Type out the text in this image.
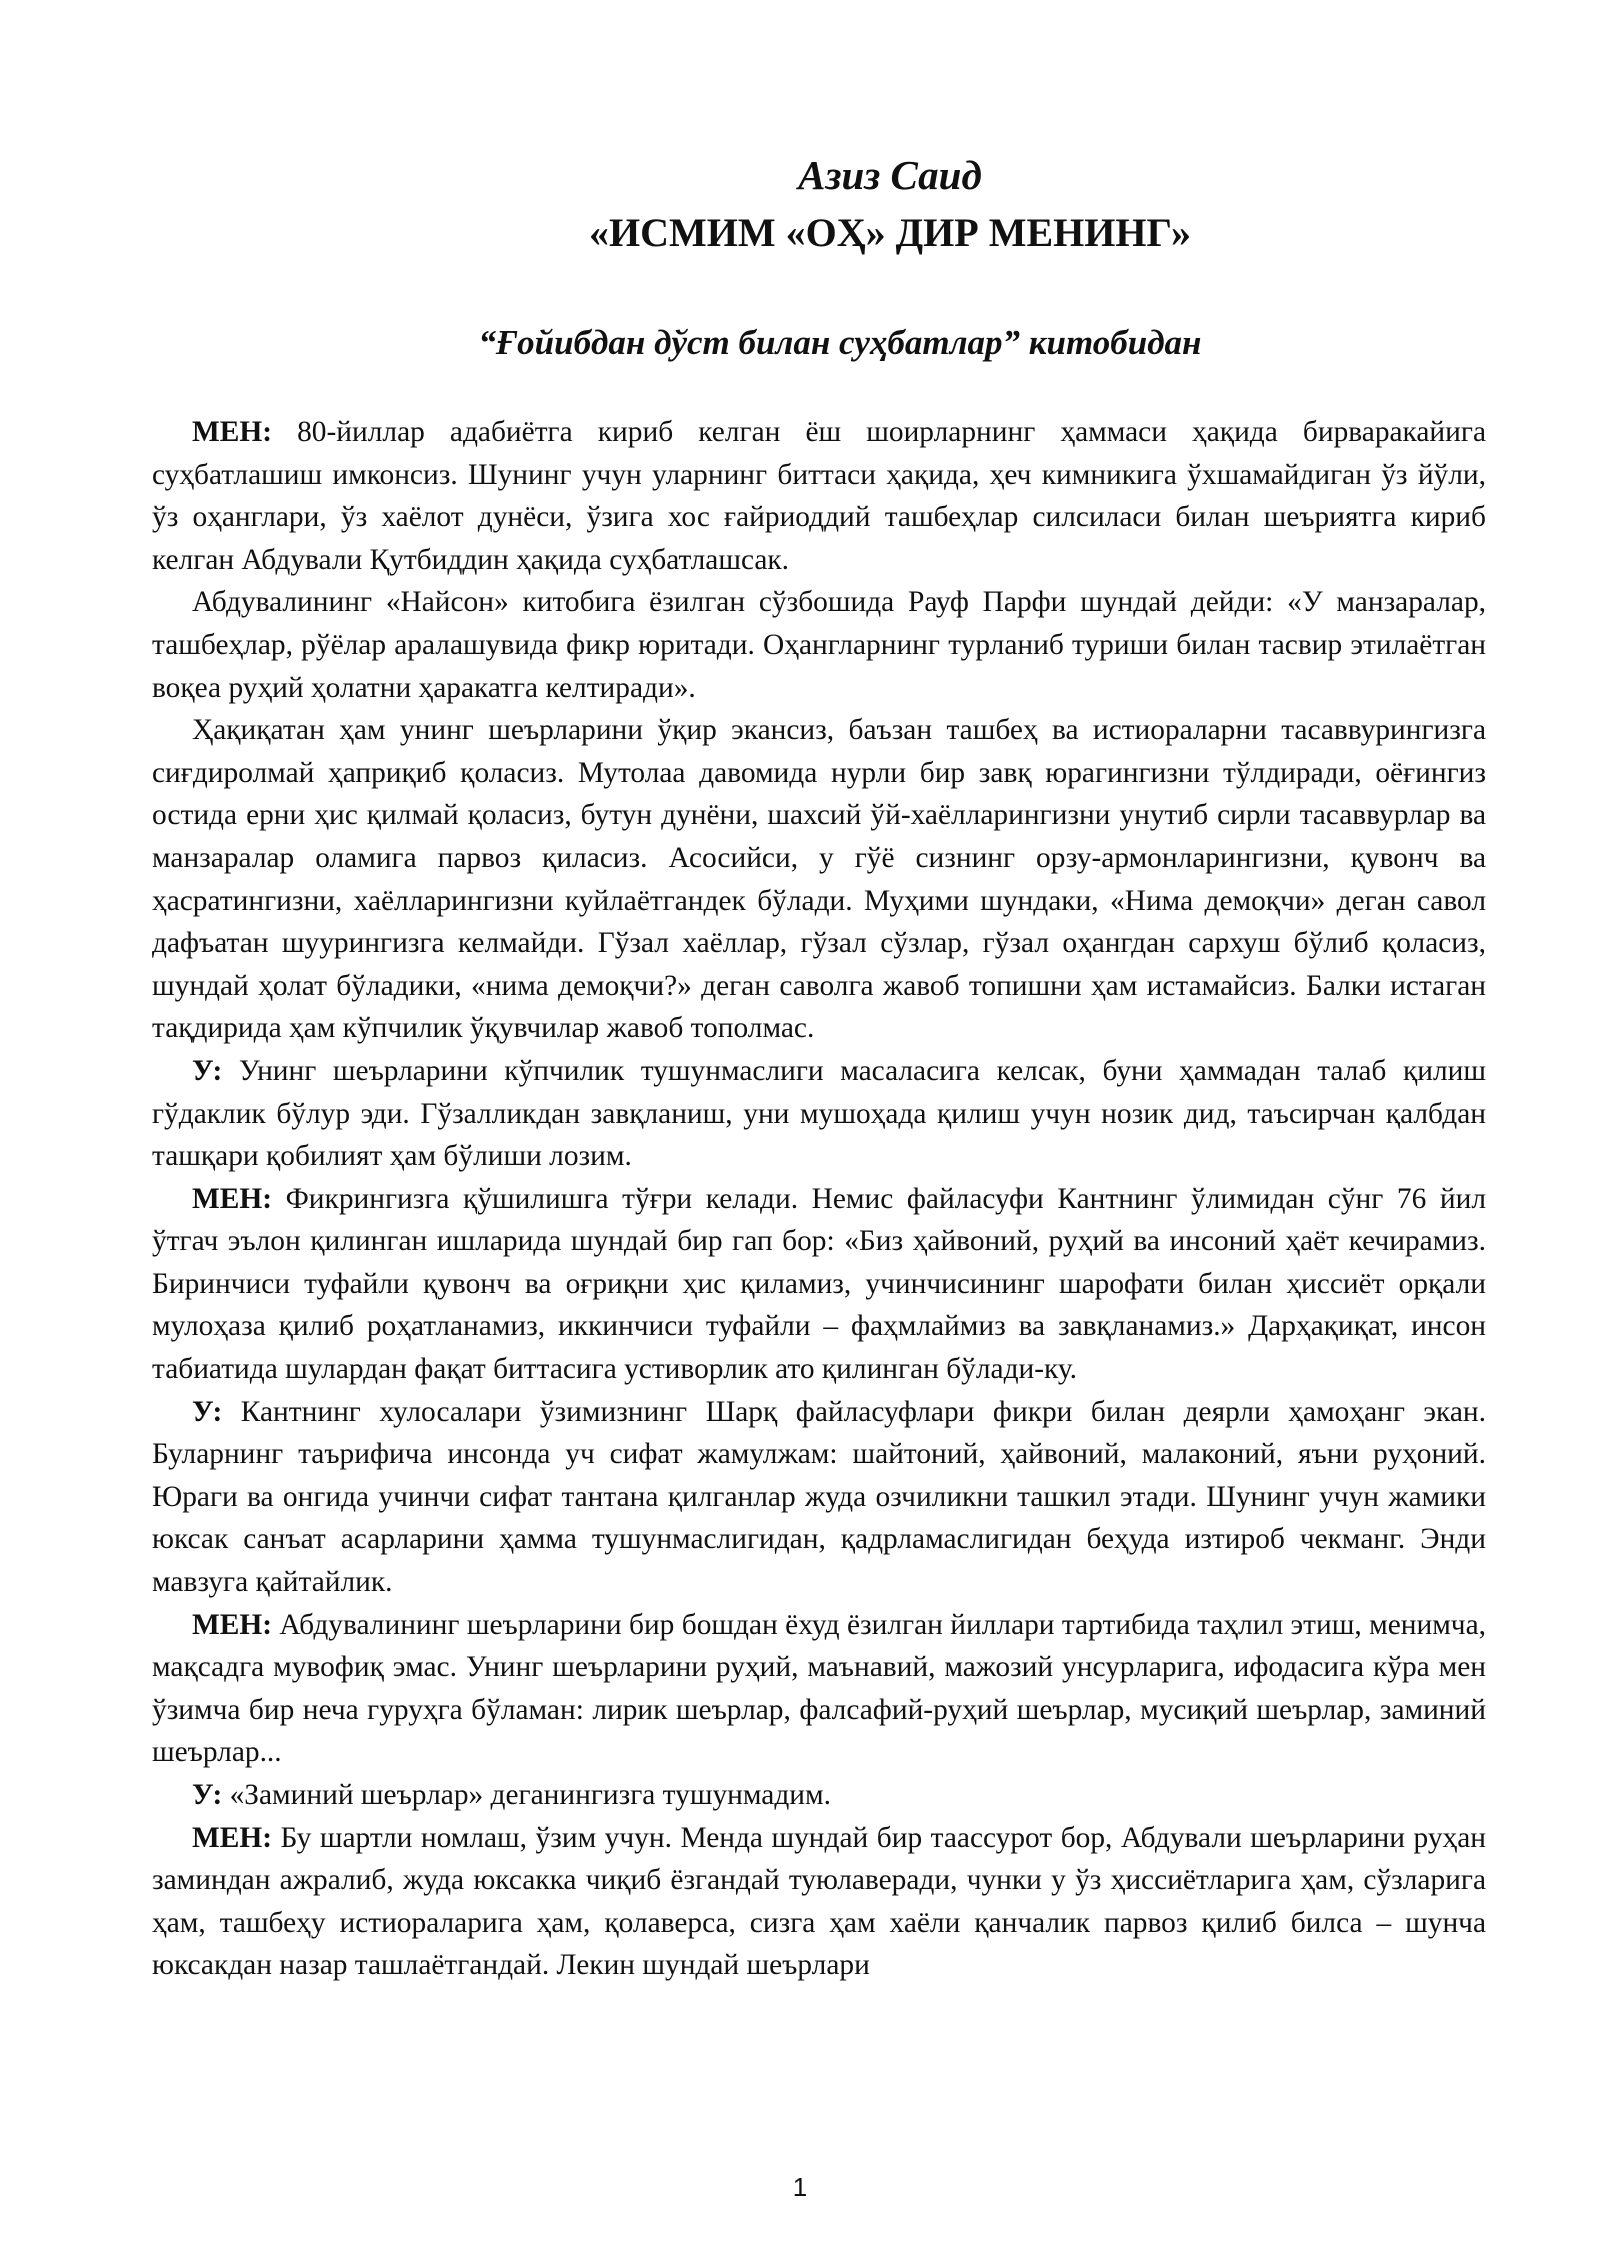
Азиз Саид
«ИСМИМ «ОҲ» ДИР МЕНИНГ»
“Ғойибдан дўст билан суҳбатлар” китобидан

МЕН: 80-йиллар адабиётга кириб келган ёш шоирларнинг ҳаммаси ҳақида бирваракайига суҳбатлашиш имконсиз. Шунинг учун уларнинг биттаси ҳақида, ҳеч кимникига ўхшамайдиган ўз йўли, ўз оҳанглари, ўз хаёлот дунёси, ўзига хос ғайриоддий ташбеҳлар силсиласи билан шеъриятга кириб келган Абдували Қутбиддин ҳақида суҳбатлашсак.

Абдувалининг «Найсон» китобига ёзилган сўзбошида Рауф Парфи шундай дейди: «У манзаралар, ташбеҳлар, рўёлар аралашувида фикр юритади. Оҳангларнинг турланиб туриши билан тасвир этилаётган воқеа руҳий ҳолатни ҳаракатга келтиради».

Ҳақиқатан ҳам унинг шеърларини ўқир эканcиз, баъзан ташбеҳ ва истиораларни тасаввурингизга сиғдиролмай ҳаприқиб қоласиз. Мутолаа давомида нурли бир завқ юрагингизни тўлдиради, оёғингиз остида ерни ҳис қилмай қоласиз, бутун дунёни, шахсий ўй-хаёлларингизни унутиб сирли тасаввурлар ва манзаралар оламига парвоз қиласиз. Асосийси, у гўё сизнинг орзу-армонларингизни, қувонч ва ҳасратингизни, хаёлларингизни куйлаётгандек бўлади. Муҳими шундаки, «Нима демоқчи» деган савол дафъатан шуурингизга келмайди. Гўзал хаёллар, гўзал сўзлар, гўзал оҳангдан сархуш бўлиб қоласиз, шундай ҳолат бўладики, «нима демоқчи?» деган саволга жавоб топишни ҳам истамайсиз. Балки истаган тақдирида ҳам кўпчилик ўқувчилар жавоб тополмас.

У: Унинг шеърларини кўпчилик тушунмаслиги масаласига келсак, буни ҳаммадан талаб қилиш гўдаклик бўлур эди. Гўзалликдан завқланиш, уни мушоҳада қилиш учун нозик дид, таъсирчан қалбдан ташқари қобилият ҳам бўлиши лозим.

МЕН: Фикрингизга қўшилишга тўғри келади. Немис файласуфи Кантнинг ўлимидан сўнг 76 йил ўтгач эълон қилинган ишларида шундай бир гап бор: «Биз ҳайвоний, руҳий ва инсоний ҳаёт кечирамиз. Биринчиси туфайли қувонч ва оғриқни ҳис қиламиз, учинчисининг шарофати билан ҳиссиёт орқали мулоҳаза қилиб роҳатланамиз, иккинчиси туфайли – фаҳмлаймиз ва завқланамиз.» Дарҳақиқат, инсон табиатида шулардан фақат биттасига устиворлик ато қилинган бўлади-ку.

У: Кантнинг хулосалари ўзимизнинг Шарқ файласуфлари фикри билан деярли ҳамоҳанг экан. Буларнинг таърифича инсонда уч сифат жамулжам: шайтоний, ҳайвоний, малаконий, яъни руҳоний. Юраги ва онгида учинчи сифат тантана қилганлар жуда озчиликни ташкил этади. Шунинг учун жамики юксак санъат асарларини ҳамма тушунмаслигидан, қадрламаслигидан беҳуда изтироб чекманг. Энди мавзуга қайтайлик.

МЕН: Абдувалининг шеърларини бир бошдан ёхуд ёзилган йиллари тартибида таҳлил этиш, менимча, мақсадга мувофиқ эмас. Унинг шеърларини руҳий, маънавий, мажозий унсурларига, ифодасига кўра мен ўзимча бир неча гуруҳга бўламан: лирик шеърлар, фалсафий-руҳий шеърлар, мусиқий шеърлар, заминий шеърлар...

У: «Заминий шеърлар» деганингизга тушунмадим.

МЕН: Бу шартли номлаш, ўзим учун. Менда шундай бир таассурот бор, Абдували шеърларини руҳан заминдан ажралиб, жуда юксакка чиқиб ёзгандай туюлаверади, чунки у ўз ҳиссиётларига ҳам, сўзларига ҳам, ташбеҳу истиораларига ҳам, қолаверса, сизга ҳам хаёли қанчалик парвоз қилиб билса – шунча юксакдан назар ташлаётгандай. Лекин шундай шеърлари

1
